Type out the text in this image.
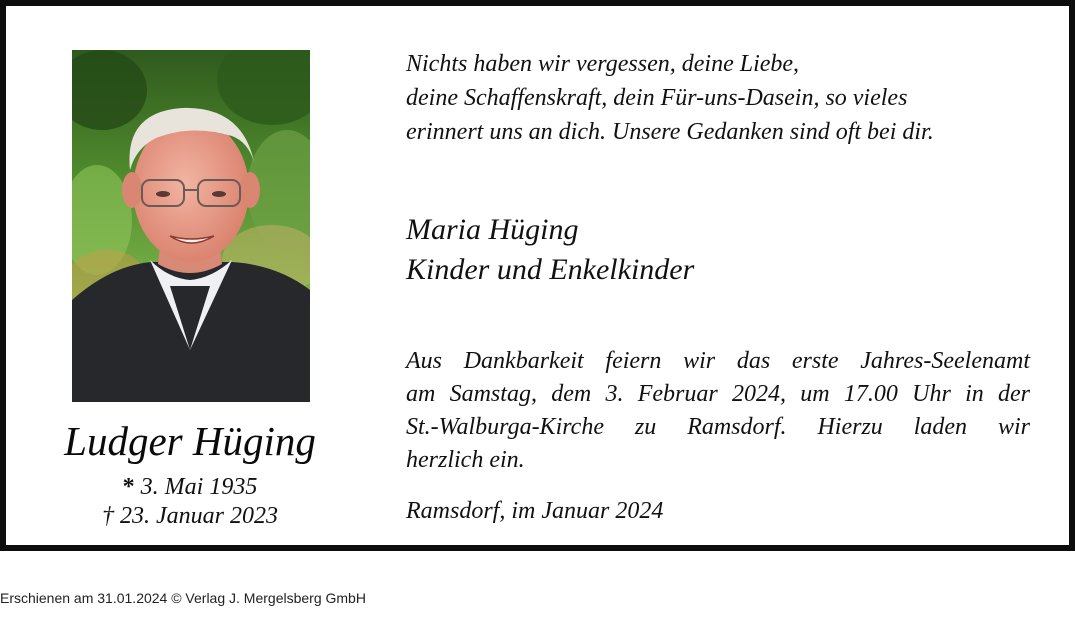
Ludger Hüging
* 3. Mai 1935
† 23. Januar 2023
Nichts haben wir vergessen, deine Liebe,
deine Schaffenskraft, dein Für-uns-Dasein, so vieles
erinnert uns an dich. Unsere Gedanken sind oft bei dir.
Maria Hüging
Kinder und Enkelkinder
Aus Dankbarkeit feiern wir das erste Jahres-Seelenamt
am Samstag, dem 3. Februar 2024, um 17.00 Uhr in der
St.-Walburga-Kirche zu Ramsdorf. Hierzu laden wir
herzlich ein.
Ramsdorf, im Januar 2024
Erschienen am 31.01.2024 © Verlag J. Mergelsberg GmbH
